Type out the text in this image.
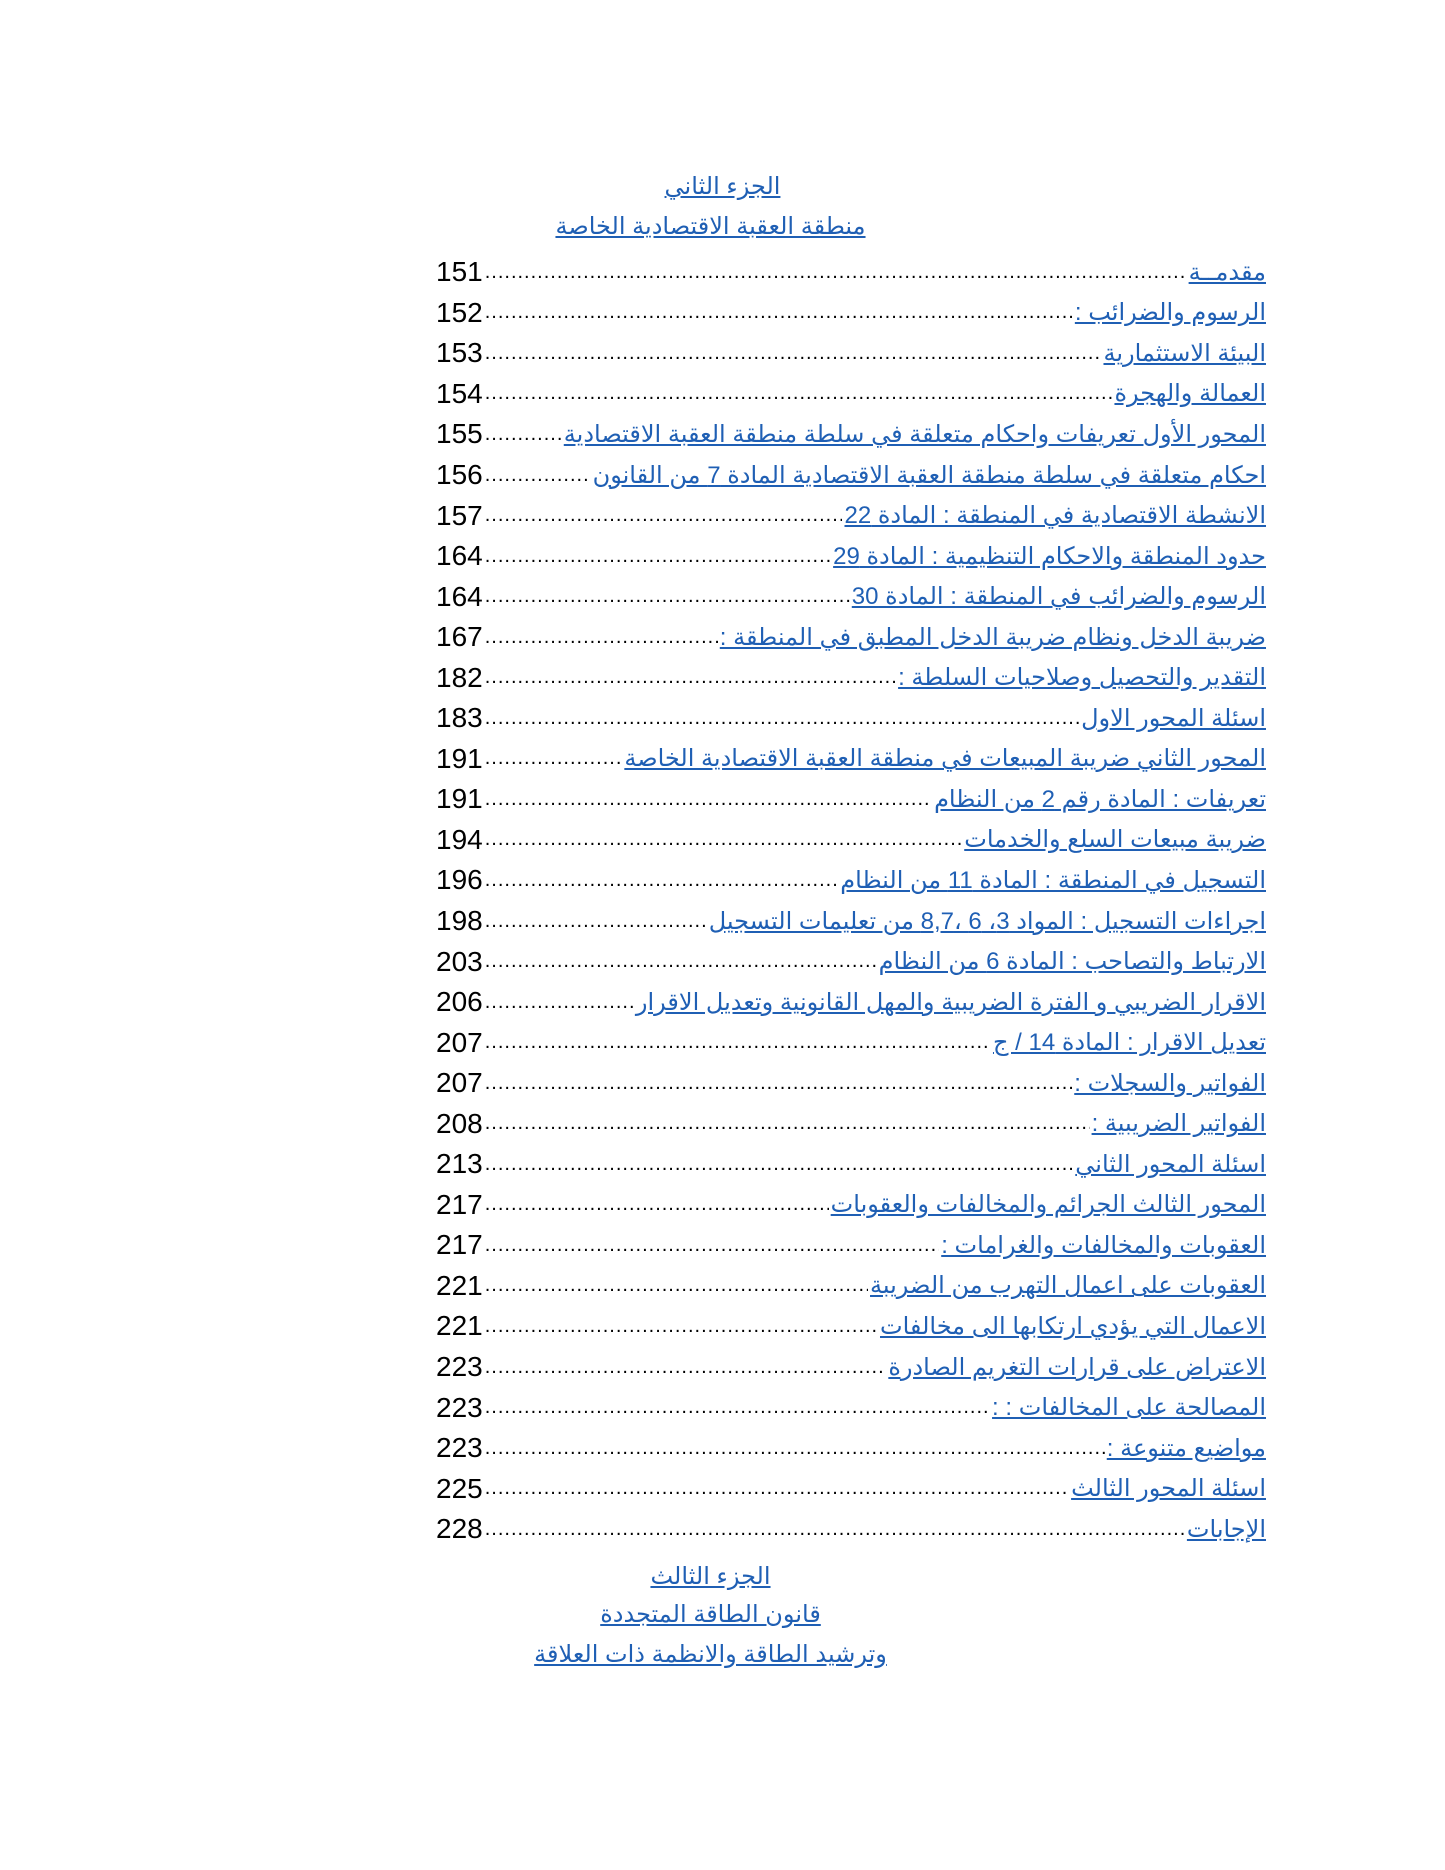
الجزء الثاني
منطقة العقبة الاقتصادية الخاصة
151 .....	مقدمــة
152 .....	الرسوم والضرائب :
153 .....	البيئة الاستثمارية
154 .....	العمالة والهجرة
155 .....	المحور الأول تعريفات واحكام متعلقة في سلطة منطقة العقبة الاقتصادية
156 .....	احكام متعلقة في سلطة منطقة العقبة الاقتصادية المادة 7 من القانون
157 .....	الانشطة الاقتصادية في المنطقة : المادة 22
164 .....	حدود المنطقة والاحكام التنظيمية : المادة 29
164 .....	الرسوم والضرائب في المنطقة : المادة 30
167 .....	ضريبة الدخل ونظام ضريبة الدخل المطبق في المنطقة :
182 .....	التقدير والتحصيل وصلاحيات السلطة :
183 .....	اسئلة المحور الاول
191 .....	المحور الثاني ضريبة المبيعات في منطقة العقبة الاقتصادية الخاصة
191 .....	تعريفات : المادة رقم 2 من النظام
194 .....	ضريبة مبيعات السلع والخدمات
196 .....	التسجيل في المنطقة : المادة 11 من النظام
198 .....	اجراءات التسجيل : المواد 3، 6 ،8,7 من تعليمات التسجيل
203 .....	الارتباط والتصاحب : المادة 6 من النظام
206 .....	الاقرار الضريبي و الفترة الضريبية والمهل القانونية وتعديل الاقرار
207 .....	تعديل الاقرار : المادة 14 / ج
207 .....	الفواتير والسجلات :
208 .....	الفواتير الضريبية :
213 .....	اسئلة المحور الثاني
217 .....	المحور الثالث الجرائم والمخالفات والعقوبات
217 .....	العقوبات والمخالفات والغرامات :
221 .....	العقوبات على اعمال التهرب من الضريبة
221 .....	الاعمال التي يؤدي ارتكابها الى مخالفات
223 .....	الاعتراض على قرارات التغريم الصادرة
223 .....	المصالحة على المخالفات : :
223 .....	مواضيع متنوعة :
225 .....	اسئلة المحور الثالث
228 .....	الإجابات
الجزء الثالث
قانون الطاقة المتجددة
وترشيد الطاقة والانظمة ذات العلاقة
